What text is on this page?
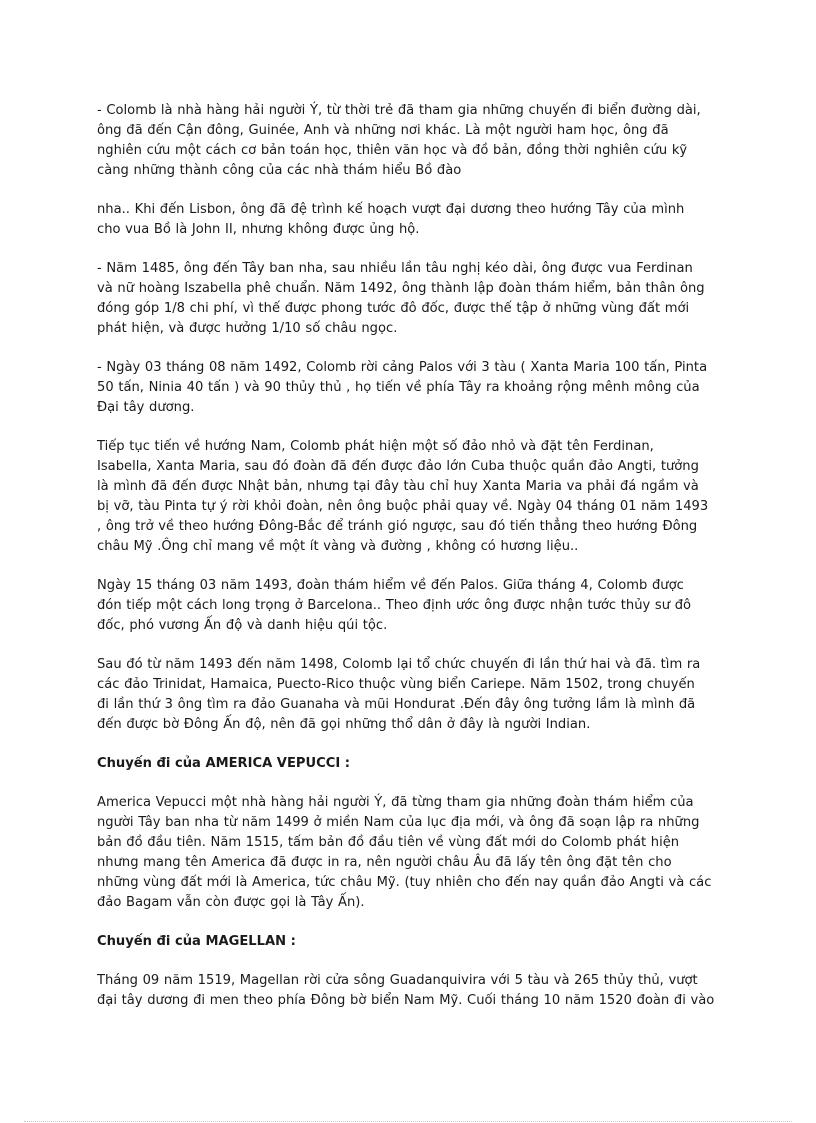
- Colomb là nhà hàng hải người Ý, từ thời trẻ đã tham gia những chuyến đi biển đường dài,
ông đã đến Cận đông, Guinée, Anh và những nơi khác. Là một người ham học, ông đã
nghiên cứu một cách cơ bản toán học, thiên văn học và đồ bản, đồng thời nghiên cứu kỹ
càng những thành công của các nhà thám hiểu Bồ đào

nha.. Khi đến Lisbon, ông đã đệ trình kế hoạch vượt đại dương theo hướng Tây của mình
cho vua Bồ là John II, nhưng không được ủng hộ.

- Năm 1485, ông đến Tây ban nha, sau nhiều lần tâu nghị kéo dài, ông được vua Ferdinan
và nữ hoàng Iszabella phê chuẩn. Năm 1492, ông thành lập đoàn thám hiểm, bản thân ông
đóng góp 1/8 chi phí, vì thế được phong tước đô đốc, được thế tập ở những vùng đất mới
phát hiện, và được hưởng 1/10 số châu ngọc.

- Ngày 03 tháng 08 năm 1492, Colomb rời cảng Palos với 3 tàu ( Xanta Maria 100 tấn, Pinta
50 tấn, Ninia 40 tấn ) và 90 thủy thủ , họ tiến về phía Tây ra khoảng rộng mênh mông của
Đại tây dương.

Tiếp tục tiến về hướng Nam, Colomb phát hiện một số đảo nhỏ và đặt tên Ferdinan,
Isabella, Xanta Maria, sau đó đoàn đã đến được đảo lớn Cuba thuộc quần đảo Angti, tưởng
là mình đã đến được Nhật bản, nhưng tại đây tàu chỉ huy Xanta Maria va phải đá ngầm và
bị vỡ, tàu Pinta tự ý rời khỏi đoàn, nên ông buộc phải quay về. Ngày 04 tháng 01 năm 1493
, ông trở về theo hướng Đông-Bắc để tránh gió ngược, sau đó tiến thẳng theo hướng Đông
châu Mỹ .Ông chỉ mang về một ít vàng và đường , không có hương liệu..

Ngày 15 tháng 03 năm 1493, đoàn thám hiểm về đến Palos. Giữa tháng 4, Colomb được
đón tiếp một cách long trọng ở Barcelona.. Theo định ước ông được nhận tước thủy sư đô
đốc, phó vương Ấn độ và danh hiệu qúi tộc.

Sau đó từ năm 1493 đến năm 1498, Colomb lại tổ chức chuyến đi lần thứ hai và đã. tìm ra
các đảo Trinidat, Hamaica, Puecto-Rico thuộc vùng biển Cariepe. Năm 1502, trong chuyến
đi lần thứ 3 ông tìm ra đảo Guanaha và mũi Hondurat .Đến đây ông tưởng lầm là mình đã
đến được bờ Đông Ấn độ, nên đã gọi những thổ dân ở đây là người Indian.

Chuyến đi của AMERICA VEPUCCI :

America Vepucci một nhà hàng hải người Ý, đã từng tham gia những đoàn thám hiểm của
người Tây ban nha từ năm 1499 ở miền Nam của lục địa mới, và ông đã soạn lập ra những
bản đồ đầu tiên. Năm 1515, tấm bản đồ đầu tiên về vùng đất mới do Colomb phát hiện
nhưng mang tên America đã được in ra, nên người châu Âu đã lấy tên ông đặt tên cho
những vùng đất mới là America, tức châu Mỹ. (tuy nhiên cho đến nay quần đảo Angti và các
đảo Bagam vẫn còn được gọi là Tây Ấn).

Chuyến đi của MAGELLAN :

Tháng 09 năm 1519, Magellan rời cửa sông Guadanquivira với 5 tàu và 265 thủy thủ, vượt
đại tây dương đi men theo phía Đông bờ biển Nam Mỹ. Cuối tháng 10 năm 1520 đoàn đi vào
